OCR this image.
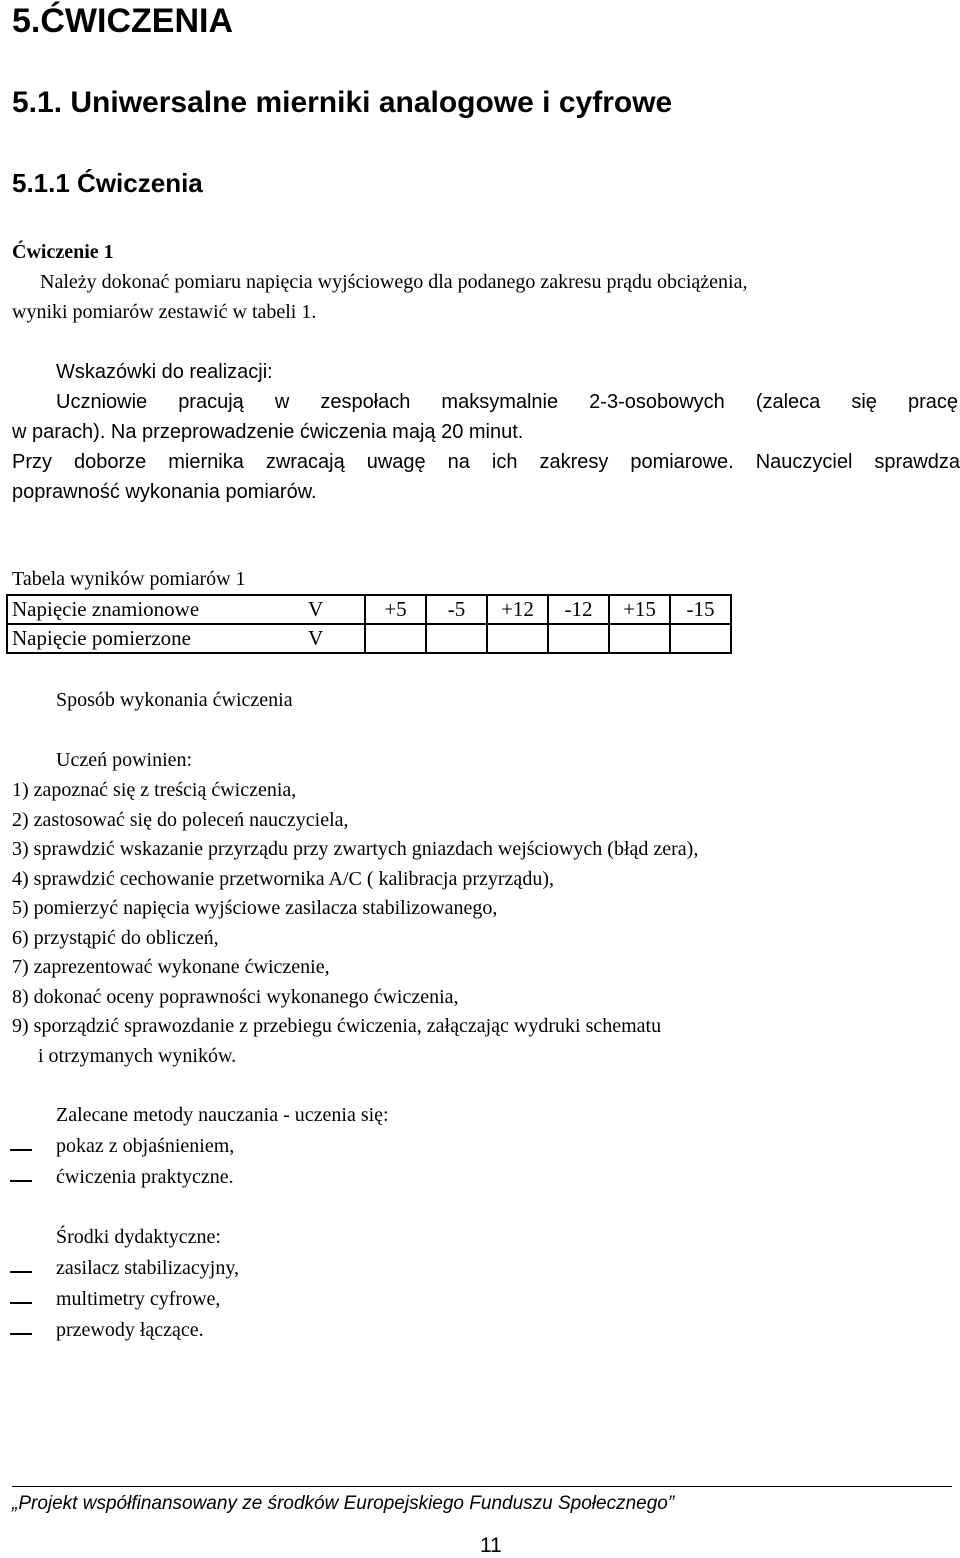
5.ĆWICZENIA
5.1. Uniwersalne mierniki analogowe i cyfrowe
5.1.1 Ćwiczenia
Ćwiczenie 1
Należy dokonać pomiaru napięcia wyjściowego dla podanego zakresu prądu obciążenia,
wyniki pomiarów zestawić w tabeli 1.
Wskazówki do realizacji:
Uczniowie pracują w zespołach maksymalnie 2-3-osobowych (zaleca się pracę
w parach). Na przeprowadzenie ćwiczenia mają 20 minut.
Przy doborze miernika zwracają uwagę na ich zakresy pomiarowe. Nauczyciel sprawdza
poprawność wykonania pomiarów.
Tabela wyników pomiarów 1
Napięcie znamionowe	V	+5	-5	+12	-12	+15	-15
Napięcie pomierzone	V						
Sposób wykonania ćwiczenia
Uczeń powinien:
1) zapoznać się z treścią ćwiczenia,
2) zastosować się do poleceń nauczyciela,
3) sprawdzić wskazanie przyrządu przy zwartych gniazdach wejściowych (błąd zera),
4) sprawdzić cechowanie przetwornika A/C ( kalibracja przyrządu),
5) pomierzyć napięcia wyjściowe zasilacza stabilizowanego,
6) przystąpić do obliczeń,
7) zaprezentować wykonane ćwiczenie,
8) dokonać oceny poprawności wykonanego ćwiczenia,
9) sporządzić sprawozdanie z przebiegu ćwiczenia, załączając wydruki schematu
i otrzymanych wyników.
Zalecane metody nauczania - uczenia się:
pokaz z objaśnieniem,
ćwiczenia praktyczne.
Środki dydaktyczne:
zasilacz stabilizacyjny,
multimetry cyfrowe,
przewody łączące.
„Projekt współfinansowany ze środków Europejskiego Funduszu Społecznego”
11
